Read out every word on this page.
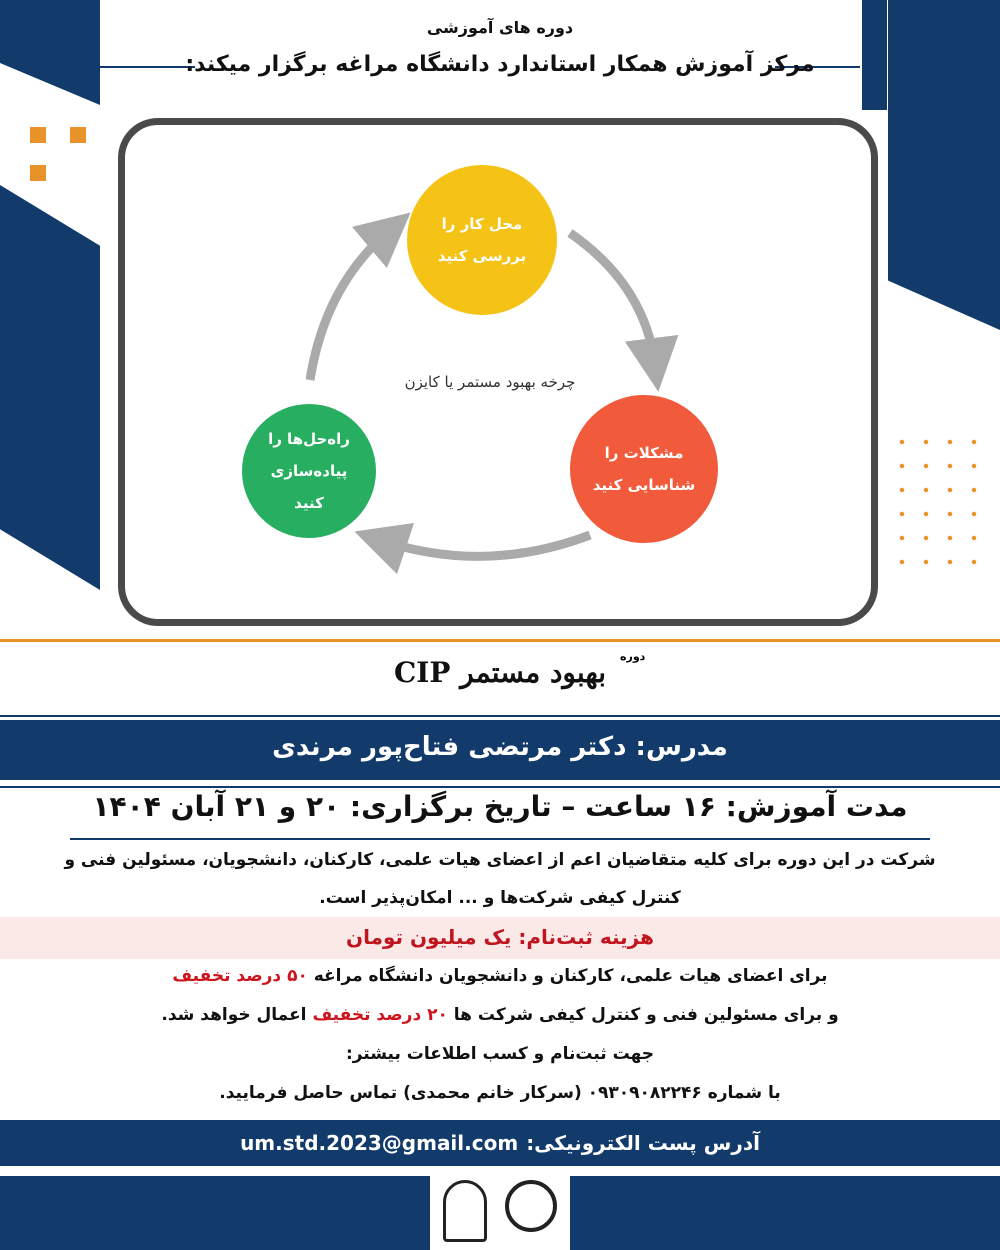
دوره های آموزشی
مرکز آموزش همکار استاندارد دانشگاه مراغه برگزار میکند:
محل کار را بررسی کنید
مشکلات را شناسایی کنید
راه‌حل‌ها را پیاده‌سازی کنید
چرخه بهبود مستمر یا کایزن
دوره
بهبود مستمر CIP
مدرس: دکتر مرتضی فتاح‌پور مرندی
مدت آموزش: ۱۶ ساعت – تاریخ برگزاری: ۲۰ و ۲۱ آبان ۱۴۰۴
شرکت در این دوره برای کلیه متقاضیان اعم از اعضای هیات علمی، کارکنان، دانشجویان، مسئولین فنی و
کنترل کیفی شرکت‌ها و ... امکان‌پذیر است.
هزینه ثبت‌نام: یک میلیون تومان
برای اعضای هیات علمی، کارکنان و دانشجویان دانشگاه مراغه ۵۰ درصد تخفیف
و برای مسئولین فنی و کنترل کیفی شرکت ها ۲۰ درصد تخفیف اعمال خواهد شد.
جهت ثبت‌نام و کسب اطلاعات بیشتر:
با شماره ۰۹۳۰۹۰۸۲۲۴۶ (سرکار خانم محمدی) تماس حاصل فرمایید.
آدرس پست الکترونیکی:
um.std.2023@gmail.com
